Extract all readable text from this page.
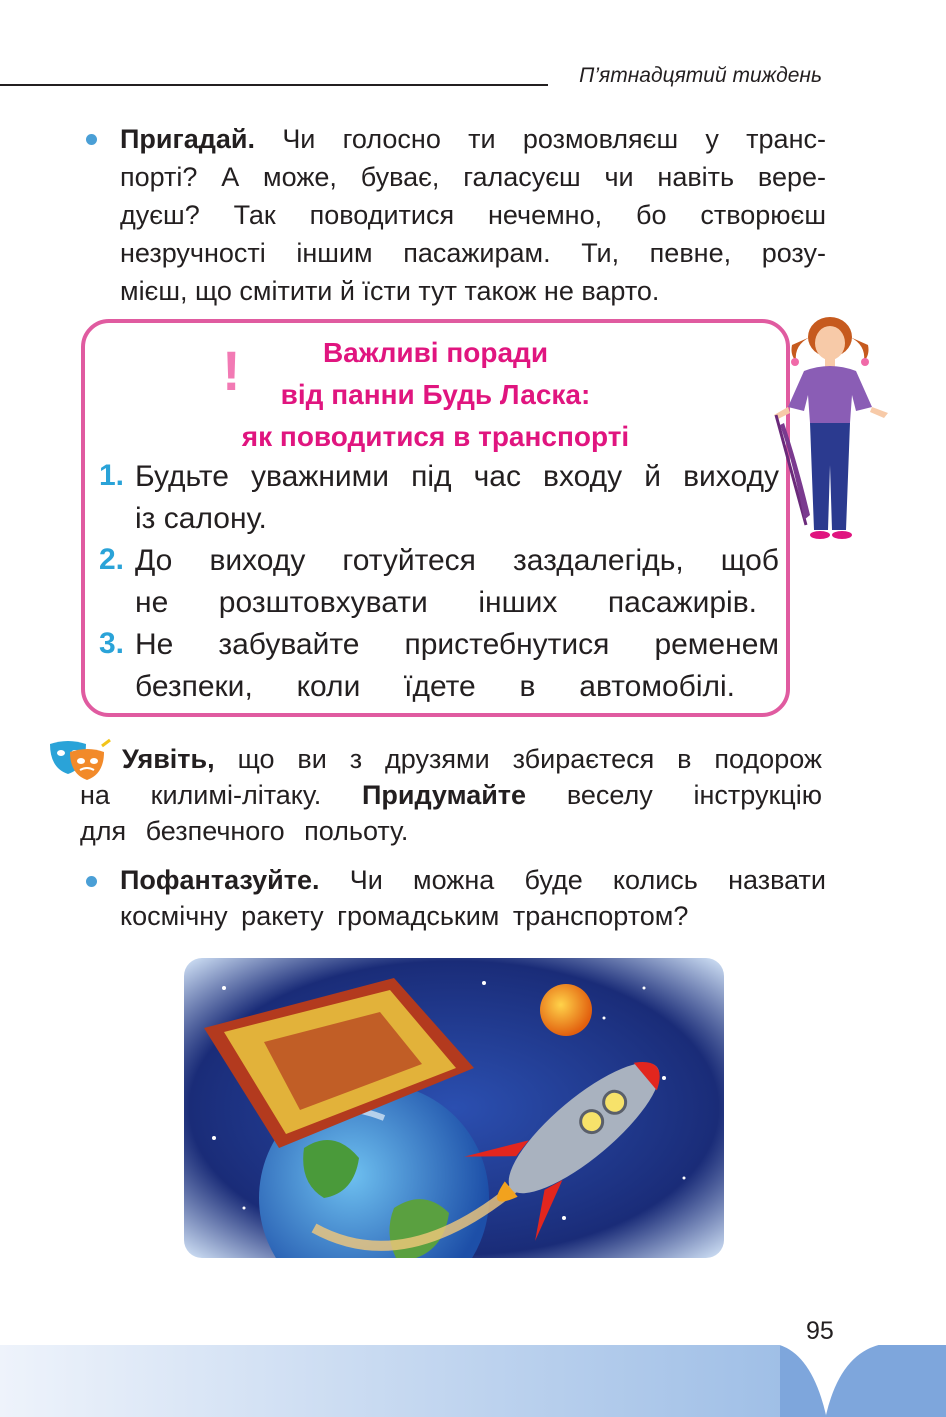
П’ятнадцятий тиждень
Пригадай. Чи голосно ти розмовляєш у транс-
порті? А може, буває, галасуєш чи навіть вере-
дуєш? Так поводитися нечемно, бо створюєш
незручності іншим пасажирам. Ти, певне, розу-
мієш, що смітити й їсти тут також не варто.
!	Важливі поради
від панни Будь Ласка:
як поводитися в транспорті
1. Будьте уважними під час входу й виходу
із салону.
2. До виходу готуйтеся заздалегідь, щоб
не розштовхувати інших пасажирів.
3. Не забувайте пристебнутися ременем
безпеки, коли їдете в автомобілі.
Уявіть, що ви з друзями збираєтеся в подорож
на килимі-літаку. Придумайте веселу інструкцію
для безпечного польоту.
Пофантазуйте. Чи можна буде колись назвати
космічну ракету громадським транспортом?
95
